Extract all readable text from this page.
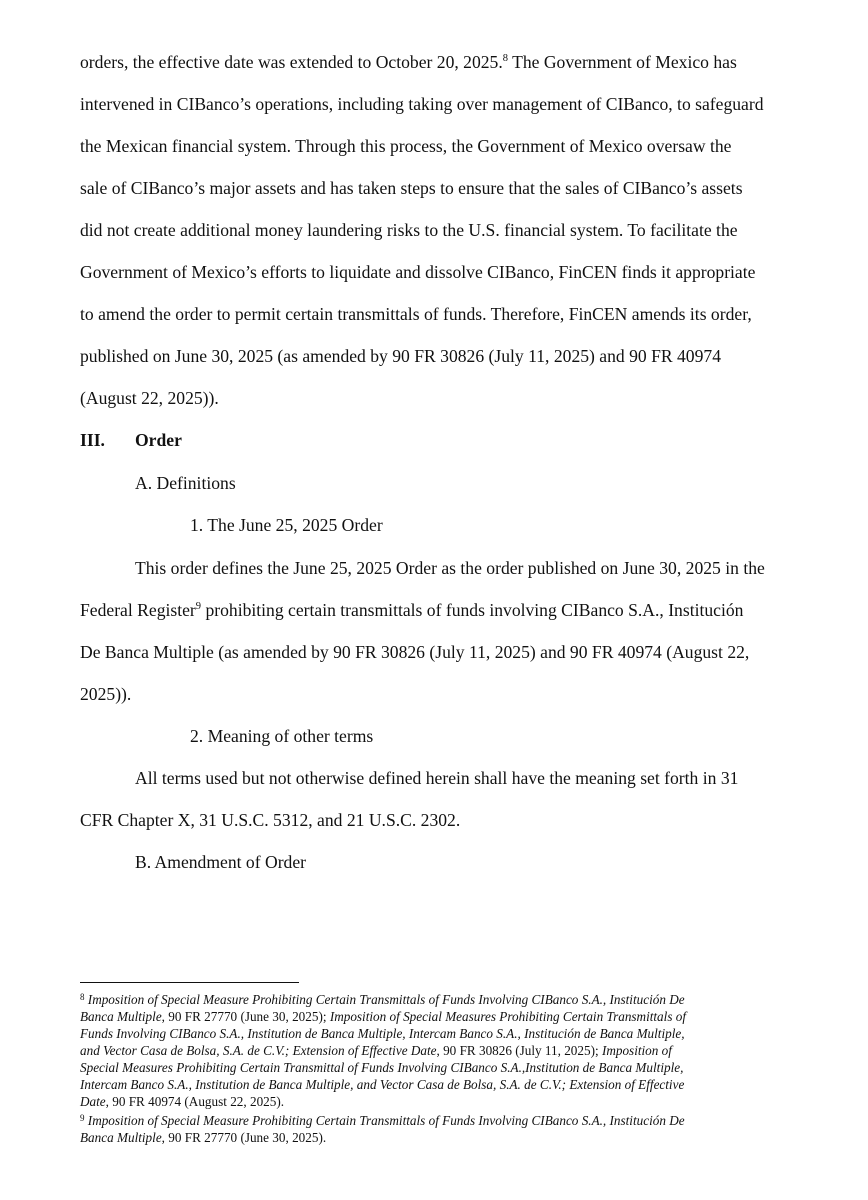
orders, the effective date was extended to October 20, 2025.$^8$ The Government of Mexico has
intervened in CIBanco’s operations, including taking over management of CIBanco, to safeguard
the Mexican financial system. Through this process, the Government of Mexico oversaw the
sale of CIBanco’s major assets and has taken steps to ensure that the sales of CIBanco’s assets
did not create additional money laundering risks to the U.S. financial system. To facilitate the
Government of Mexico’s efforts to liquidate and dissolve CIBanco, FinCEN finds it appropriate
to amend the order to permit certain transmittals of funds. Therefore, FinCEN amends its order,
published on June 30, 2025 (as amended by 90 FR 30826 (July 11, 2025) and 90 FR 40974
(August 22, 2025)).
III. Order
A. Definitions
1. The June 25, 2025 Order
This order defines the June 25, 2025 Order as the order published on June 30, 2025 in the
Federal Register$^9$ prohibiting certain transmittals of funds involving CIBanco S.A., Institución
De Banca Multiple (as amended by 90 FR 30826 (July 11, 2025) and 90 FR 40974 (August 22,
2025)).
2. Meaning of other terms
All terms used but not otherwise defined herein shall have the meaning set forth in 31
CFR Chapter X, 31 U.S.C. 5312, and 21 U.S.C. 2302.
B. Amendment of Order
$^8$ Imposition of Special Measure Prohibiting Certain Transmittals of Funds Involving CIBanco S.A., Institución De
Banca Multiple, 90 FR 27770 (June 30, 2025); Imposition of Special Measures Prohibiting Certain Transmittals of
Funds Involving CIBanco S.A., Institution de Banca Multiple, Intercam Banco S.A., Institución de Banca Multiple,
and Vector Casa de Bolsa, S.A. de C.V.; Extension of Effective Date, 90 FR 30826 (July 11, 2025); Imposition of
Special Measures Prohibiting Certain Transmittal of Funds Involving CIBanco S.A.,Institution de Banca Multiple,
Intercam Banco S.A., Institution de Banca Multiple, and Vector Casa de Bolsa, S.A. de C.V.; Extension of Effective
Date, 90 FR 40974 (August 22, 2025).
$^9$ Imposition of Special Measure Prohibiting Certain Transmittals of Funds Involving CIBanco S.A., Institución De
Banca Multiple, 90 FR 27770 (June 30, 2025).
